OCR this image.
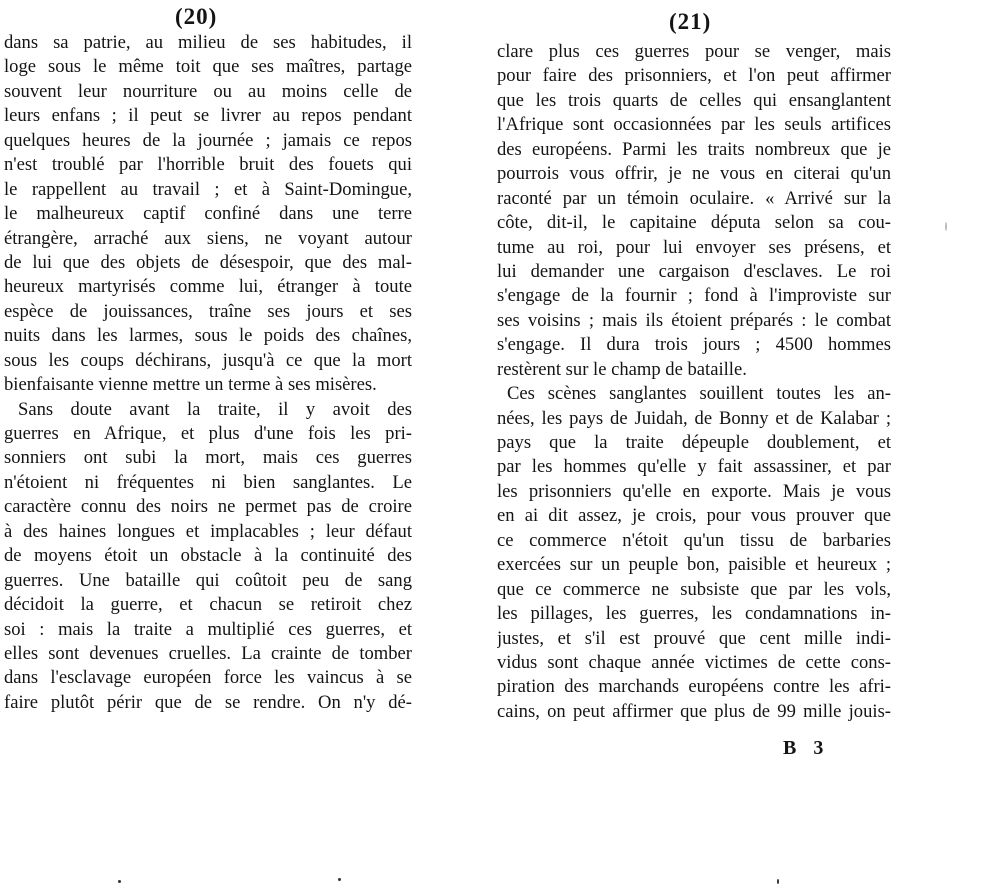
(20)
dans sa patrie, au milieu de ses habitudes, il
loge sous le même toit que ses maîtres, partage
souvent leur nourriture ou au moins celle de
leurs enfans ; il peut se livrer au repos pendant
quelques heures de la journée ; jamais ce repos
n'est troublé par l'horrible bruit des fouets qui
le rappellent au travail ; et à Saint-Domingue,
le malheureux captif confiné dans une terre
étrangère, arraché aux siens, ne voyant autour
de lui que des objets de désespoir, que des mal-
heureux martyrisés comme lui, étranger à toute
espèce de jouissances, traîne ses jours et ses
nuits dans les larmes, sous le poids des chaînes,
sous les coups déchirans, jusqu'à ce que la mort
bienfaisante vienne mettre un terme à ses misères.
Sans doute avant la traite, il y avoit des
guerres en Afrique, et plus d'une fois les pri-
sonniers ont subi la mort, mais ces guerres
n'étoient ni fréquentes ni bien sanglantes. Le
caractère connu des noirs ne permet pas de croire
à des haines longues et implacables ; leur défaut
de moyens étoit un obstacle à la continuité des
guerres. Une bataille qui coûtoit peu de sang
décidoit la guerre, et chacun se retiroit chez
soi : mais la traite a multiplié ces guerres, et
elles sont devenues cruelles. La crainte de tomber
dans l'esclavage européen force les vaincus à se
faire plutôt périr que de se rendre. On n'y dé-
(21)
clare plus ces guerres pour se venger, mais
pour faire des prisonniers, et l'on peut affirmer
que les trois quarts de celles qui ensanglantent
l'Afrique sont occasionnées par les seuls artifices
des européens. Parmi les traits nombreux que je
pourrois vous offrir, je ne vous en citerai qu'un
raconté par un témoin oculaire. « Arrivé sur la
côte, dit-il, le capitaine députa selon sa cou-
tume au roi, pour lui envoyer ses présens, et
lui demander une cargaison d'esclaves. Le roi
s'engage de la fournir ; fond à l'improviste sur
ses voisins ; mais ils étoient préparés : le combat
s'engage. Il dura trois jours ; 4500 hommes
restèrent sur le champ de bataille.
Ces scènes sanglantes souillent toutes les an-
nées, les pays de Juidah, de Bonny et de Kalabar ;
pays que la traite dépeuple doublement, et
par les hommes qu'elle y fait assassiner, et par
les prisonniers qu'elle en exporte. Mais je vous
en ai dit assez, je crois, pour vous prouver que
ce commerce n'étoit qu'un tissu de barbaries
exercées sur un peuple bon, paisible et heureux ;
que ce commerce ne subsiste que par les vols,
les pillages, les guerres, les condamnations in-
justes, et s'il est prouvé que cent mille indi-
vidus sont chaque année victimes de cette cons-
piration des marchands européens contre les afri-
cains, on peut affirmer que plus de 99 mille jouis-
B 3
